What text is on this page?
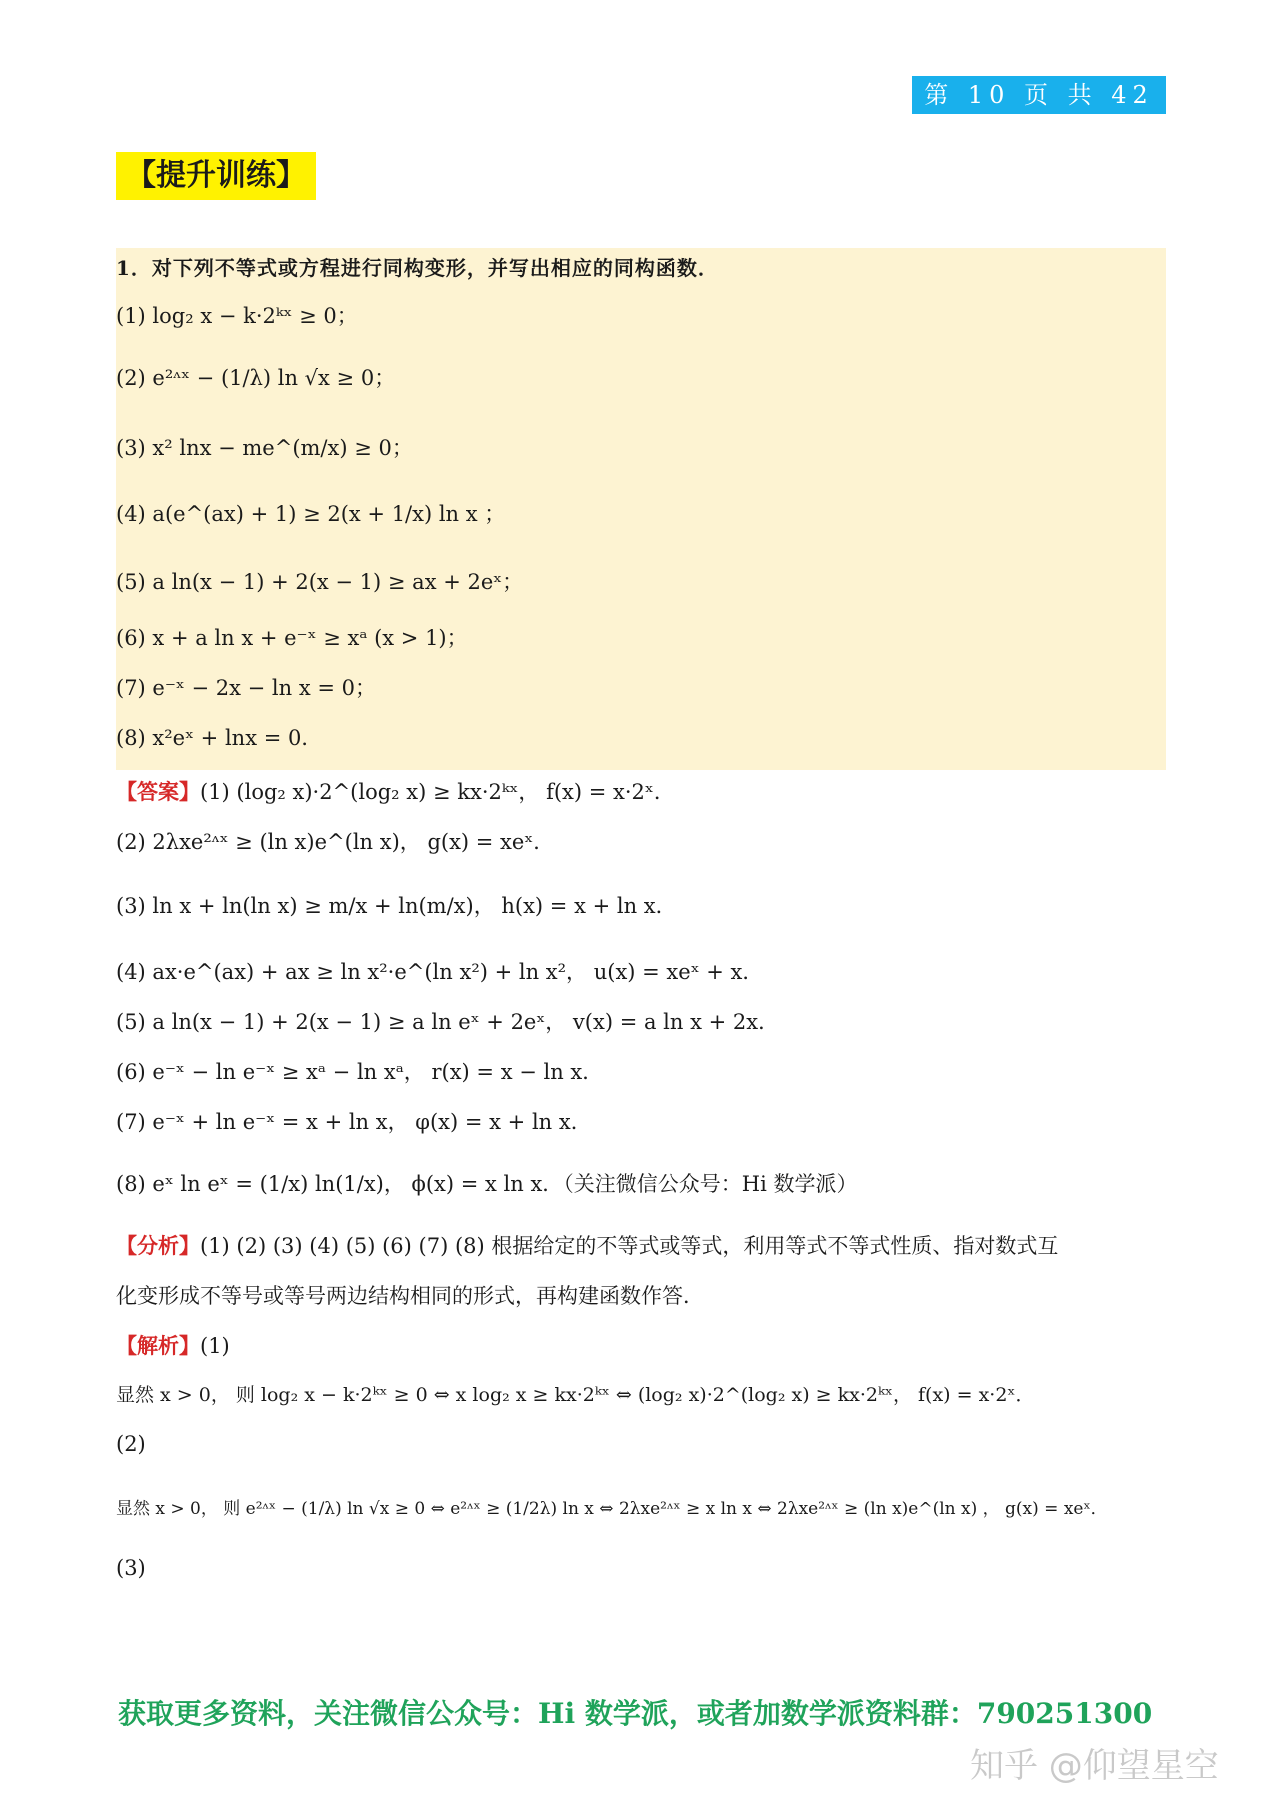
第 10 页 共 42 页
【提升训练】
1．对下列不等式或方程进行同构变形，并写出相应的同构函数．
(1) log₂ x − k·2ᵏˣ ≥ 0；
(2) e²ᶺˣ − (1/λ) ln √x ≥ 0；
(3) x² lnx − me^(m/x) ≥ 0；
(4) a(e^(ax) + 1) ≥ 2(x + 1/x) ln x ；
(5) a ln(x − 1) + 2(x − 1) ≥ ax + 2eˣ；
(6) x + a ln x + e⁻ˣ ≥ xᵃ (x > 1)；
(7) e⁻ˣ − 2x − ln x = 0；
(8) x²eˣ + lnx = 0．
【答案】(1) (log₂ x)·2^(log₂ x) ≥ kx·2ᵏˣ， f(x) = x·2ˣ．
(2) 2λxe²ᶺˣ ≥ (ln x)e^(ln x)， g(x) = xeˣ．
(3) ln x + ln(ln x) ≥ m/x + ln(m/x)， h(x) = x + ln x．
(4) ax·e^(ax) + ax ≥ ln x²·e^(ln x²) + ln x²， u(x) = xeˣ + x．
(5) a ln(x − 1) + 2(x − 1) ≥ a ln eˣ + 2eˣ， v(x) = a ln x + 2x．
(6) e⁻ˣ − ln e⁻ˣ ≥ xᵃ − ln xᵃ， r(x) = x − ln x．
(7) e⁻ˣ + ln e⁻ˣ = x + ln x， φ(x) = x + ln x．
(8) eˣ ln eˣ = (1/x) ln(1/x)， ϕ(x) = x ln x．（关注微信公众号：Hi 数学派）
【分析】(1) (2) (3) (4) (5) (6) (7) (8) 根据给定的不等式或等式，利用等式不等式性质、指对数式互
化变形成不等号或等号两边结构相同的形式，再构建函数作答．
【解析】(1)
显然 x > 0， 则 log₂ x − k·2ᵏˣ ≥ 0 ⇔ x log₂ x ≥ kx·2ᵏˣ ⇔ (log₂ x)·2^(log₂ x) ≥ kx·2ᵏˣ， f(x) = x·2ˣ．
(2)
显然 x > 0， 则 e²ᶺˣ − (1/λ) ln √x ≥ 0 ⇔ e²ᶺˣ ≥ (1/2λ) ln x ⇔ 2λxe²ᶺˣ ≥ x ln x ⇔ 2λxe²ᶺˣ ≥ (ln x)e^(ln x) ， g(x) = xeˣ．
(3)
获取更多资料，关注微信公众号：Hi 数学派，或者加数学派资料群：790251300
知乎 @仰望星空
